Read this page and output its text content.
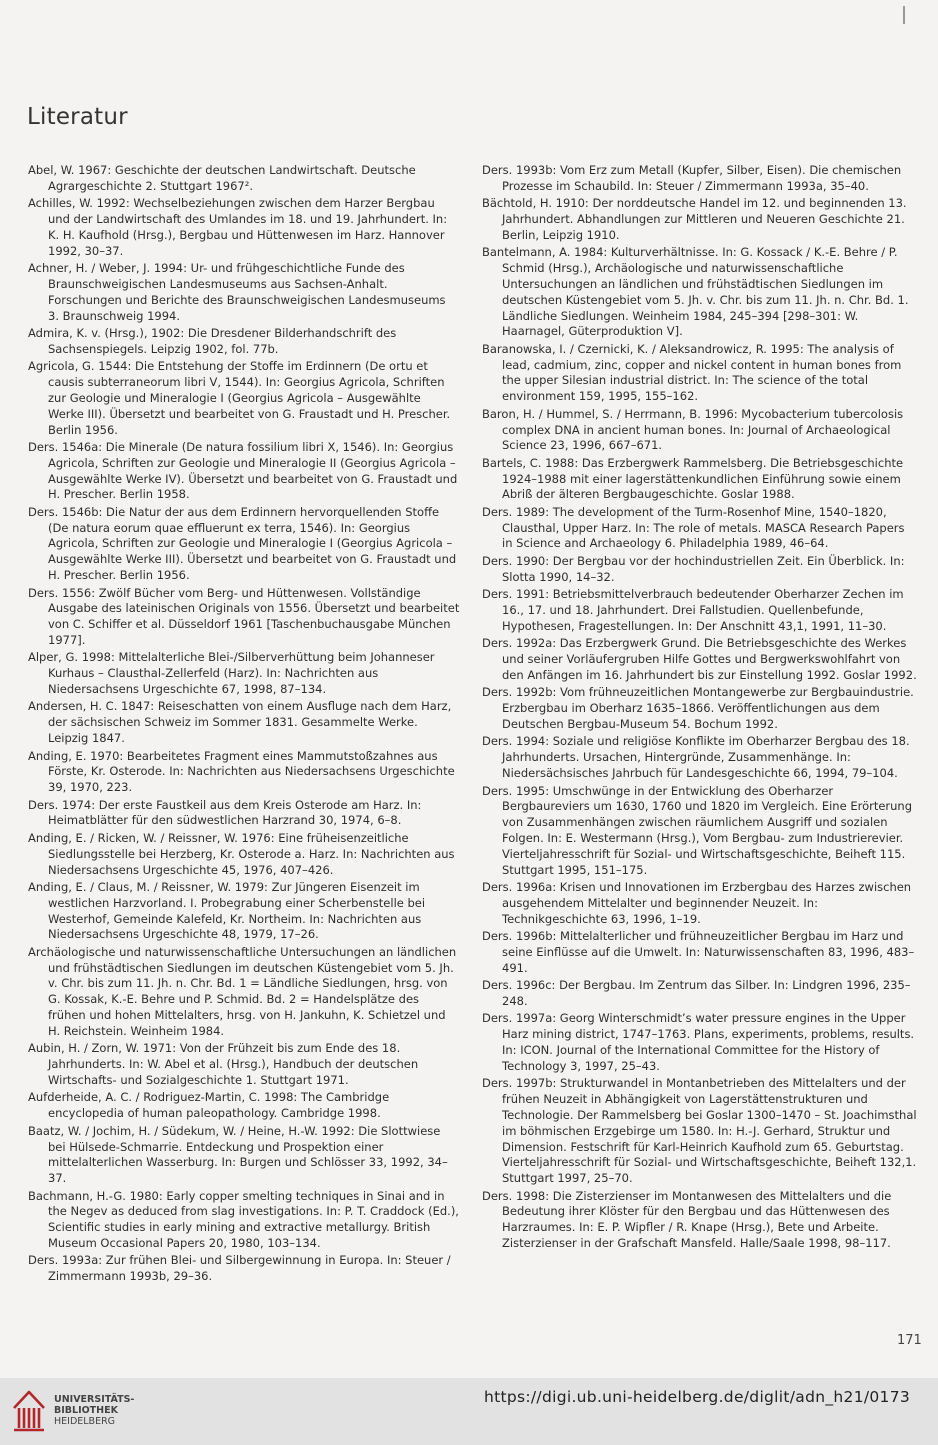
Literatur

Abel, W. 1967: Geschichte der deutschen Landwirtschaft. Deutsche Agrargeschichte 2. Stuttgart 1967².

Achilles, W. 1992: Wechselbeziehungen zwischen dem Harzer Bergbau und der Landwirtschaft des Umlandes im 18. und 19. Jahrhundert. In: K. H. Kaufhold (Hrsg.), Bergbau und Hüttenwesen im Harz. Hannover 1992, 30–37.

Achner, H. / Weber, J. 1994: Ur- und frühgeschichtliche Funde des Braunschweigischen Landesmuseums aus Sachsen-Anhalt. Forschungen und Berichte des Braunschweigischen Landesmuseums 3. Braunschweig 1994.

Admira, K. v. (Hrsg.), 1902: Die Dresdener Bilderhandschrift des Sachsenspiegels. Leipzig 1902, fol. 77b.

Agricola, G. 1544: Die Entstehung der Stoffe im Erdinnern (De ortu et causis subterraneorum libri V, 1544). In: Georgius Agricola, Schriften zur Geologie und Mineralogie I (Georgius Agricola – Ausgewählte Werke III). Übersetzt und bearbeitet von G. Fraustadt und H. Prescher. Berlin 1956.

Ders. 1546a: Die Minerale (De natura fossilium libri X, 1546). In: Georgius Agricola, Schriften zur Geologie und Mineralogie II (Georgius Agricola – Ausgewählte Werke IV). Übersetzt und bearbeitet von G. Fraustadt und H. Prescher. Berlin 1958.

Ders. 1546b: Die Natur der aus dem Erdinnern hervorquellenden Stoffe (De natura eorum quae effluerunt ex terra, 1546). In: Georgius Agricola, Schriften zur Geologie und Mineralogie I (Georgius Agricola – Ausgewählte Werke III). Übersetzt und bearbeitet von G. Fraustadt und H. Prescher. Berlin 1956.

Ders. 1556: Zwölf Bücher vom Berg- und Hüttenwesen. Vollständige Ausgabe des lateinischen Originals von 1556. Übersetzt und bearbeitet von C. Schiffer et al. Düsseldorf 1961 [Taschenbuchausgabe München 1977].

Alper, G. 1998: Mittelalterliche Blei-/Silberverhüttung beim Johanneser Kurhaus – Clausthal-Zellerfeld (Harz). In: Nachrichten aus Niedersachsens Urgeschichte 67, 1998, 87–134.

Andersen, H. C. 1847: Reiseschatten von einem Ausfluge nach dem Harz, der sächsischen Schweiz im Sommer 1831. Gesammelte Werke. Leipzig 1847.

Anding, E. 1970: Bearbeitetes Fragment eines Mammutstoßzahnes aus Förste, Kr. Osterode. In: Nachrichten aus Niedersachsens Urgeschichte 39, 1970, 223.

Ders. 1974: Der erste Faustkeil aus dem Kreis Osterode am Harz. In: Heimatblätter für den südwestlichen Harzrand 30, 1974, 6–8.

Anding, E. / Ricken, W. / Reissner, W. 1976: Eine früheisenzeitliche Siedlungsstelle bei Herzberg, Kr. Osterode a. Harz. In: Nachrichten aus Niedersachsens Urgeschichte 45, 1976, 407–426.

Anding, E. / Claus, M. / Reissner, W. 1979: Zur Jüngeren Eisenzeit im westlichen Harzvorland. I. Probegrabung einer Scherbenstelle bei Westerhof, Gemeinde Kalefeld, Kr. Northeim. In: Nachrichten aus Niedersachsens Urgeschichte 48, 1979, 17–26.

Archäologische und naturwissenschaftliche Untersuchungen an ländlichen und frühstädtischen Siedlungen im deutschen Küstengebiet vom 5. Jh. v. Chr. bis zum 11. Jh. n. Chr. Bd. 1 = Ländliche Siedlungen, hrsg. von G. Kossak, K.-E. Behre und P. Schmid. Bd. 2 = Handelsplätze des frühen und hohen Mittelalters, hrsg. von H. Jankuhn, K. Schietzel und H. Reichstein. Weinheim 1984.

Aubin, H. / Zorn, W. 1971: Von der Frühzeit bis zum Ende des 18. Jahrhunderts. In: W. Abel et al. (Hrsg.), Handbuch der deutschen Wirtschafts- und Sozialgeschichte 1. Stuttgart 1971.

Aufderheide, A. C. / Rodriguez-Martin, C. 1998: The Cambridge encyclopedia of human paleopathology. Cambridge 1998.

Baatz, W. / Jochim, H. / Südekum, W. / Heine, H.-W. 1992: Die Slottwiese bei Hülsede-Schmarrie. Entdeckung und Prospektion einer mittelalterlichen Wasserburg. In: Burgen und Schlösser 33, 1992, 34–37.

Bachmann, H.-G. 1980: Early copper smelting techniques in Sinai and in the Negev as deduced from slag investigations. In: P. T. Craddock (Ed.), Scientific studies in early mining and extractive metallurgy. British Museum Occasional Papers 20, 1980, 103–134.

Ders. 1993a: Zur frühen Blei- und Silbergewinnung in Europa. In: Steuer / Zimmermann 1993b, 29–36.

Ders. 1993b: Vom Erz zum Metall (Kupfer, Silber, Eisen). Die chemischen Prozesse im Schaubild. In: Steuer / Zimmermann 1993a, 35–40.

Bächtold, H. 1910: Der norddeutsche Handel im 12. und beginnenden 13. Jahrhundert. Abhandlungen zur Mittleren und Neueren Geschichte 21. Berlin, Leipzig 1910.

Bantelmann, A. 1984: Kulturverhältnisse. In: G. Kossack / K.-E. Behre / P. Schmid (Hrsg.), Archäologische und naturwissenschaftliche Untersuchungen an ländlichen und frühstädtischen Siedlungen im deutschen Küstengebiet vom 5. Jh. v. Chr. bis zum 11. Jh. n. Chr. Bd. 1. Ländliche Siedlungen. Weinheim 1984, 245–394 [298–301: W. Haarnagel, Güterproduktion V].

Baranowska, I. / Czernicki, K. / Aleksandrowicz, R. 1995: The analysis of lead, cadmium, zinc, copper and nickel content in human bones from the upper Silesian industrial district. In: The science of the total environment 159, 1995, 155–162.

Baron, H. / Hummel, S. / Herrmann, B. 1996: Mycobacterium tubercolosis complex DNA in ancient human bones. In: Journal of Archaeological Science 23, 1996, 667–671.

Bartels, C. 1988: Das Erzbergwerk Rammelsberg. Die Betriebsgeschichte 1924–1988 mit einer lagerstättenkundlichen Einführung sowie einem Abriß der älteren Bergbaugeschichte. Goslar 1988.

Ders. 1989: The development of the Turm-Rosenhof Mine, 1540–1820, Clausthal, Upper Harz. In: The role of metals. MASCA Research Papers in Science and Archaeology 6. Philadelphia 1989, 46–64.

Ders. 1990: Der Bergbau vor der hochindustriellen Zeit. Ein Überblick. In: Slotta 1990, 14–32.

Ders. 1991: Betriebsmittelverbrauch bedeutender Oberharzer Zechen im 16., 17. und 18. Jahrhundert. Drei Fallstudien. Quellenbefunde, Hypothesen, Fragestellungen. In: Der Anschnitt 43,1, 1991, 11–30.

Ders. 1992a: Das Erzbergwerk Grund. Die Betriebsgeschichte des Werkes und seiner Vorläufergruben Hilfe Gottes und Bergwerkswohlfahrt von den Anfängen im 16. Jahrhundert bis zur Einstellung 1992. Goslar 1992.

Ders. 1992b: Vom frühneuzeitlichen Montangewerbe zur Bergbauindustrie. Erzbergbau im Oberharz 1635–1866. Veröffentlichungen aus dem Deutschen Bergbau-Museum 54. Bochum 1992.

Ders. 1994: Soziale und religiöse Konflikte im Oberharzer Bergbau des 18. Jahrhunderts. Ursachen, Hintergründe, Zusammenhänge. In: Niedersächsisches Jahrbuch für Landesgeschichte 66, 1994, 79–104.

Ders. 1995: Umschwünge in der Entwicklung des Oberharzer Bergbaureviers um 1630, 1760 und 1820 im Vergleich. Eine Erörterung von Zusammenhängen zwischen räumlichem Ausgriff und sozialen Folgen. In: E. Westermann (Hrsg.), Vom Bergbau- zum Industrierevier. Vierteljahresschrift für Sozial- und Wirtschaftsgeschichte, Beiheft 115. Stuttgart 1995, 151–175.

Ders. 1996a: Krisen und Innovationen im Erzbergbau des Harzes zwischen ausgehendem Mittelalter und beginnender Neuzeit. In: Technikgeschichte 63, 1996, 1–19.

Ders. 1996b: Mittelalterlicher und frühneuzeitlicher Bergbau im Harz und seine Einflüsse auf die Umwelt. In: Naturwissenschaften 83, 1996, 483–491.

Ders. 1996c: Der Bergbau. Im Zentrum das Silber. In: Lindgren 1996, 235–248.

Ders. 1997a: Georg Winterschmidt’s water pressure engines in the Upper Harz mining district, 1747–1763. Plans, experiments, problems, results. In: ICON. Journal of the International Committee for the History of Technology 3, 1997, 25–43.

Ders. 1997b: Strukturwandel in Montanbetrieben des Mittelalters und der frühen Neuzeit in Abhängigkeit von Lagerstättenstrukturen und Technologie. Der Rammelsberg bei Goslar 1300–1470 – St. Joachimsthal im böhmischen Erzgebirge um 1580. In: H.-J. Gerhard, Struktur und Dimension. Festschrift für Karl-Heinrich Kaufhold zum 65. Geburtstag. Vierteljahresschrift für Sozial- und Wirtschaftsgeschichte, Beiheft 132,1. Stuttgart 1997, 25–70.

Ders. 1998: Die Zisterzienser im Montanwesen des Mittelalters und die Bedeutung ihrer Klöster für den Bergbau und das Hüttenwesen des Harzraumes. In: E. P. Wipfler / R. Knape (Hrsg.), Bete und Arbeite. Zisterzienser in der Grafschaft Mansfeld. Halle/Saale 1998, 98–117.

171
UNIVERSITÄTS-
BIBLIOTHEK
HEIDELBERG
https://digi.ub.uni-heidelberg.de/diglit/adn_h21/0173
